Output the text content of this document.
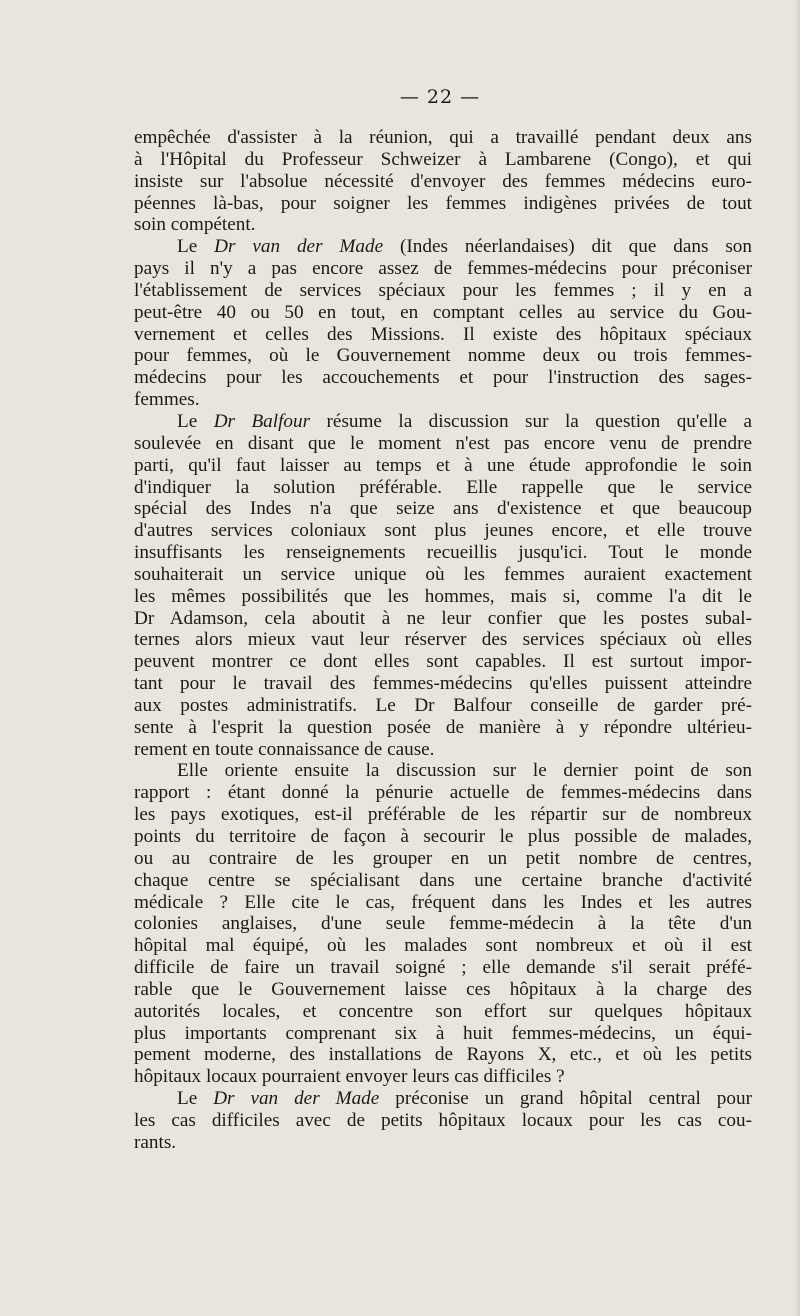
— 22 —
empêchée d'assister à la réunion, qui a travaillé pendant deux ans
à l'Hôpital du Professeur Schweizer à Lambarene (Congo), et qui
insiste sur l'absolue nécessité d'envoyer des femmes médecins euro-
péennes là-bas, pour soigner les femmes indigènes privées de tout
soin compétent.
Le Dr van der Made (Indes néerlandaises) dit que dans son
pays il n'y a pas encore assez de femmes-médecins pour préconiser
l'établissement de services spéciaux pour les femmes ; il y en a
peut-être 40 ou 50 en tout, en comptant celles au service du Gou-
vernement et celles des Missions. Il existe des hôpitaux spéciaux
pour femmes, où le Gouvernement nomme deux ou trois femmes-
médecins pour les accouchements et pour l'instruction des sages-
femmes.
Le Dr Balfour résume la discussion sur la question qu'elle a
soulevée en disant que le moment n'est pas encore venu de prendre
parti, qu'il faut laisser au temps et à une étude approfondie le soin
d'indiquer la solution préférable. Elle rappelle que le service
spécial des Indes n'a que seize ans d'existence et que beaucoup
d'autres services coloniaux sont plus jeunes encore, et elle trouve
insuffisants les renseignements recueillis jusqu'ici. Tout le monde
souhaiterait un service unique où les femmes auraient exactement
les mêmes possibilités que les hommes, mais si, comme l'a dit le
Dr Adamson, cela aboutit à ne leur confier que les postes subal-
ternes alors mieux vaut leur réserver des services spéciaux où elles
peuvent montrer ce dont elles sont capables. Il est surtout impor-
tant pour le travail des femmes-médecins qu'elles puissent atteindre
aux postes administratifs. Le Dr Balfour conseille de garder pré-
sente à l'esprit la question posée de manière à y répondre ultérieu-
rement en toute connaissance de cause.
Elle oriente ensuite la discussion sur le dernier point de son
rapport : étant donné la pénurie actuelle de femmes-médecins dans
les pays exotiques, est-il préférable de les répartir sur de nombreux
points du territoire de façon à secourir le plus possible de malades,
ou au contraire de les grouper en un petit nombre de centres,
chaque centre se spécialisant dans une certaine branche d'activité
médicale ? Elle cite le cas, fréquent dans les Indes et les autres
colonies anglaises, d'une seule femme-médecin à la tête d'un
hôpital mal équipé, où les malades sont nombreux et où il est
difficile de faire un travail soigné ; elle demande s'il serait préfé-
rable que le Gouvernement laisse ces hôpitaux à la charge des
autorités locales, et concentre son effort sur quelques hôpitaux
plus importants comprenant six à huit femmes-médecins, un équi-
pement moderne, des installations de Rayons X, etc., et où les petits
hôpitaux locaux pourraient envoyer leurs cas difficiles ?
Le Dr van der Made préconise un grand hôpital central pour
les cas difficiles avec de petits hôpitaux locaux pour les cas cou-
rants.
